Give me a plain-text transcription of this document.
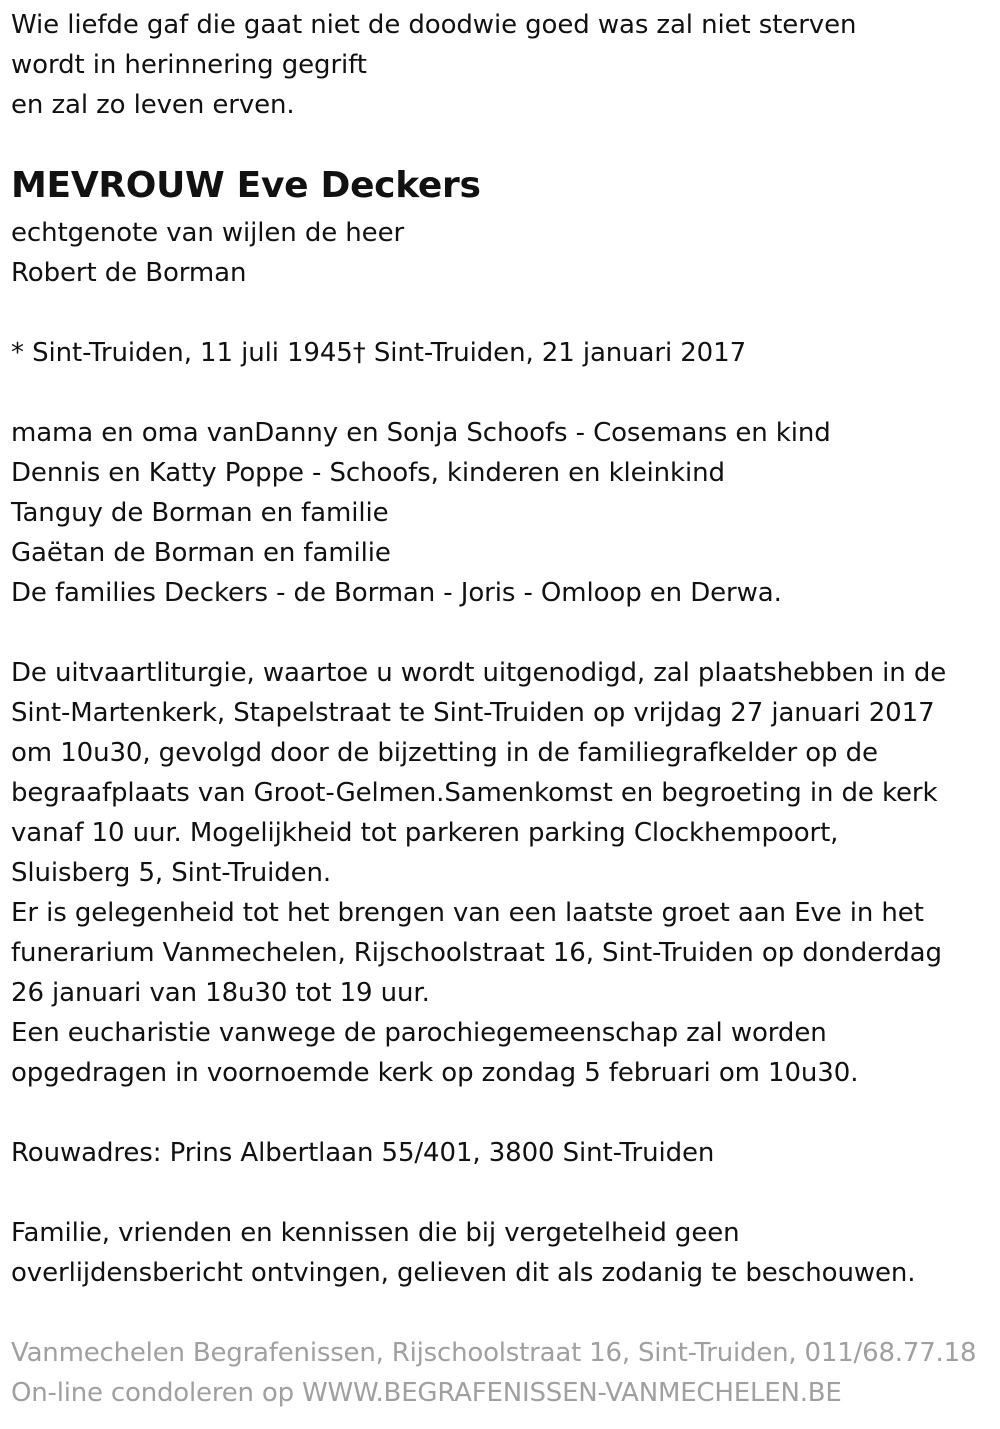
Wie liefde gaf die gaat niet de doodwie goed was zal niet sterven
wordt in herinnering gegrift
en zal zo leven erven.
MEVROUW Eve Deckers
echtgenote van wijlen de heer
Robert de Borman
* Sint-Truiden, 11 juli 1945† Sint-Truiden, 21 januari 2017
mama en oma vanDanny en Sonja Schoofs - Cosemans en kind
Dennis en Katty Poppe - Schoofs, kinderen en kleinkind
Tanguy de Borman en familie
Gaëtan de Borman en familie
De families Deckers - de Borman - Joris - Omloop en Derwa.
De uitvaartliturgie, waartoe u wordt uitgenodigd, zal plaatshebben in de
Sint-Martenkerk, Stapelstraat te Sint-Truiden op vrijdag 27 januari 2017
om 10u30, gevolgd door de bijzetting in de familiegrafkelder op de
begraafplaats van Groot-Gelmen.Samenkomst en begroeting in de kerk
vanaf 10 uur. Mogelijkheid tot parkeren parking Clockhempoort,
Sluisberg 5, Sint-Truiden.
Er is gelegenheid tot het brengen van een laatste groet aan Eve in het
funerarium Vanmechelen, Rijschoolstraat 16, Sint-Truiden op donderdag
26 januari van 18u30 tot 19 uur.
Een eucharistie vanwege de parochiegemeenschap zal worden
opgedragen in voornoemde kerk op zondag 5 februari om 10u30.
Rouwadres: Prins Albertlaan 55/401, 3800 Sint-Truiden
Familie, vrienden en kennissen die bij vergetelheid geen
overlijdensbericht ontvingen, gelieven dit als zodanig te beschouwen.
Vanmechelen Begrafenissen, Rijschoolstraat 16, Sint-Truiden, 011/68.77.18
On-line condoleren op WWW.BEGRAFENISSEN-VANMECHELEN.BE
